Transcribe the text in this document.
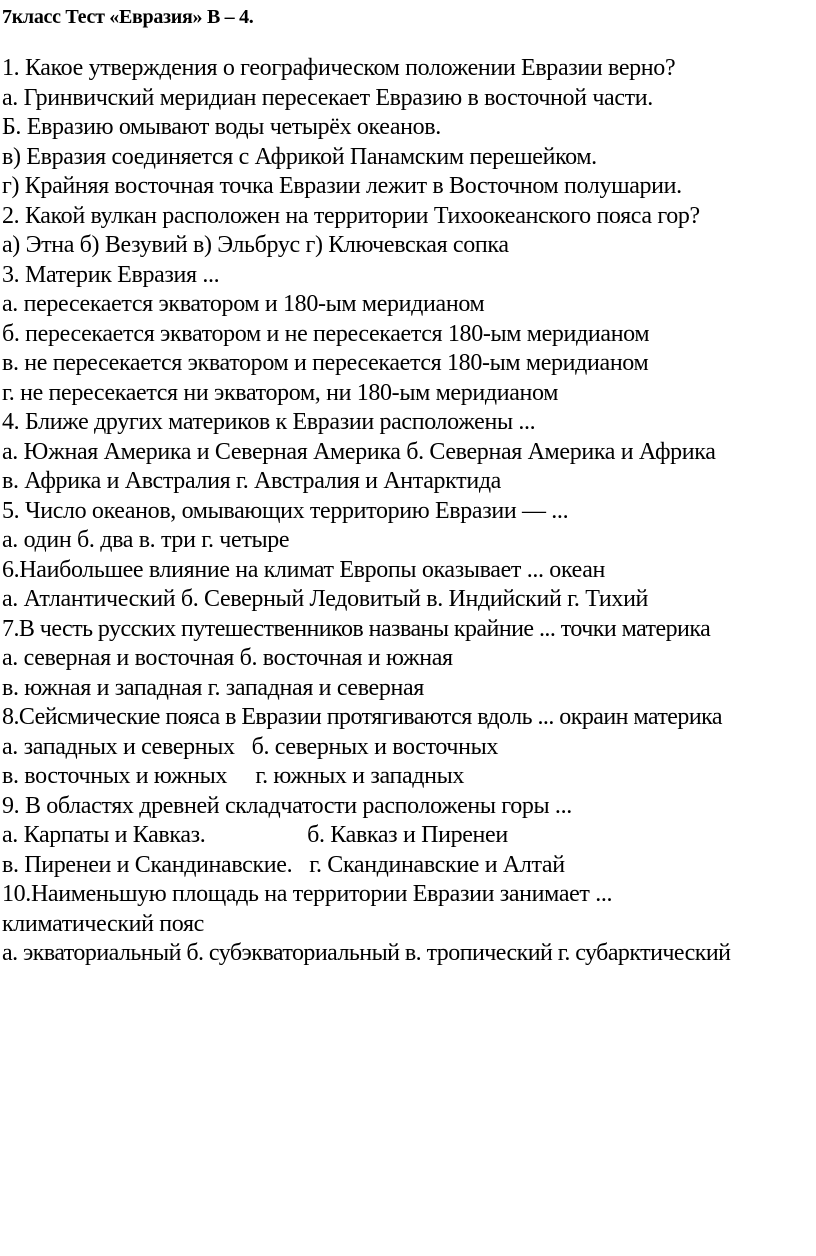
7класс Тест «Евразия» В – 4.
1. Какое утверждения о географическом положении Евразии верно?
а. Гринвичский меридиан пересекает Евразию в восточной части.
Б. Евразию омывают воды четырёх океанов.
в) Евразия соединяется с Африкой Панамским перешейком.
г) Крайняя восточная точка Евразии лежит в Восточном полушарии.
2. Какой вулкан расположен на территории Тихоокеанского пояса гор?
а) Этна б) Везувий в) Эльбрус г) Ключевская сопка
3. Материк Евразия ...
а. пересекается экватором и 180-ым меридианом
б. пересекается экватором и не пересекается 180-ым меридианом
в. не пересекается экватором и пересекается 180-ым меридианом
г. не пересекается ни экватором, ни 180-ым меридианом
4. Ближе других материков к Евразии расположены ...
а. Южная Америка и Северная Америка б. Северная Америка и Африка
в. Африка и Австралия г. Австралия и Антарктида
5. Число океанов, омывающих территорию Евразии — ...
а. один б. два в. три г. четыре
6.Наибольшее влияние на климат Европы оказывает ... океан
а. Атлантический б. Северный Ледовитый в. Индийский г. Тихий
7.В честь русских путешественников названы крайние ... точки материка
а. северная и восточная б. восточная и южная
в. южная и западная г. западная и северная
8.Сейсмические пояса в Евразии протягиваются вдоль ... окраин материка
а. западных и северных   б. северных и восточных
в. восточных и южных     г. южных и западных
9. В областях древней складчатости расположены горы ...
а. Карпаты и Кавказ.                  б. Кавказ и Пиренеи
в. Пиренеи и Скандинавские.   г. Скандинавские и Алтай
10.Наименьшую площадь на территории Евразии занимает ...
климатический пояс
а. экваториальный б. субэкваториальный в. тропический г. субарктический
